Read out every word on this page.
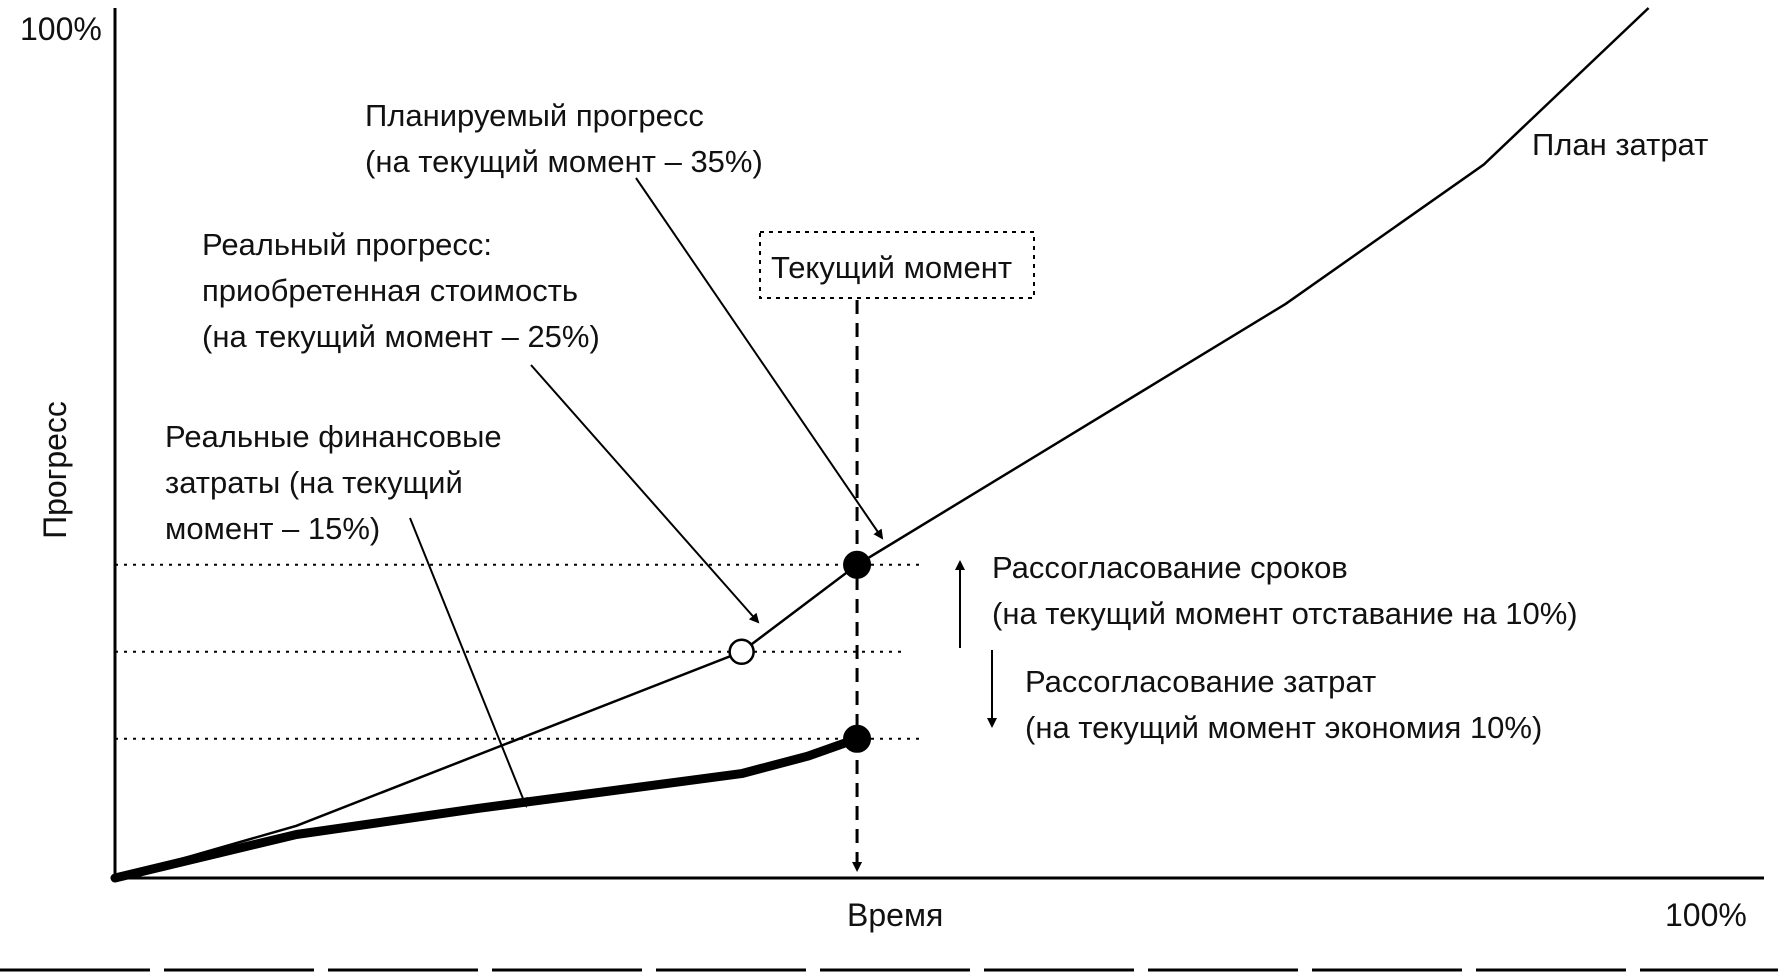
100%
100%
Время
Прогресс
Текущий момент
Планируемый прогресс
(на текущий момент – 35%)
Реальный прогресс:
приобретенная стоимость
(на текущий момент – 25%)
Реальные финансовые
затраты (на текущий
момент – 15%)
План затрат
Рассогласование сроков
(на текущий момент отставание на 10%)
Рассогласование затрат
(на текущий момент экономия 10%)
